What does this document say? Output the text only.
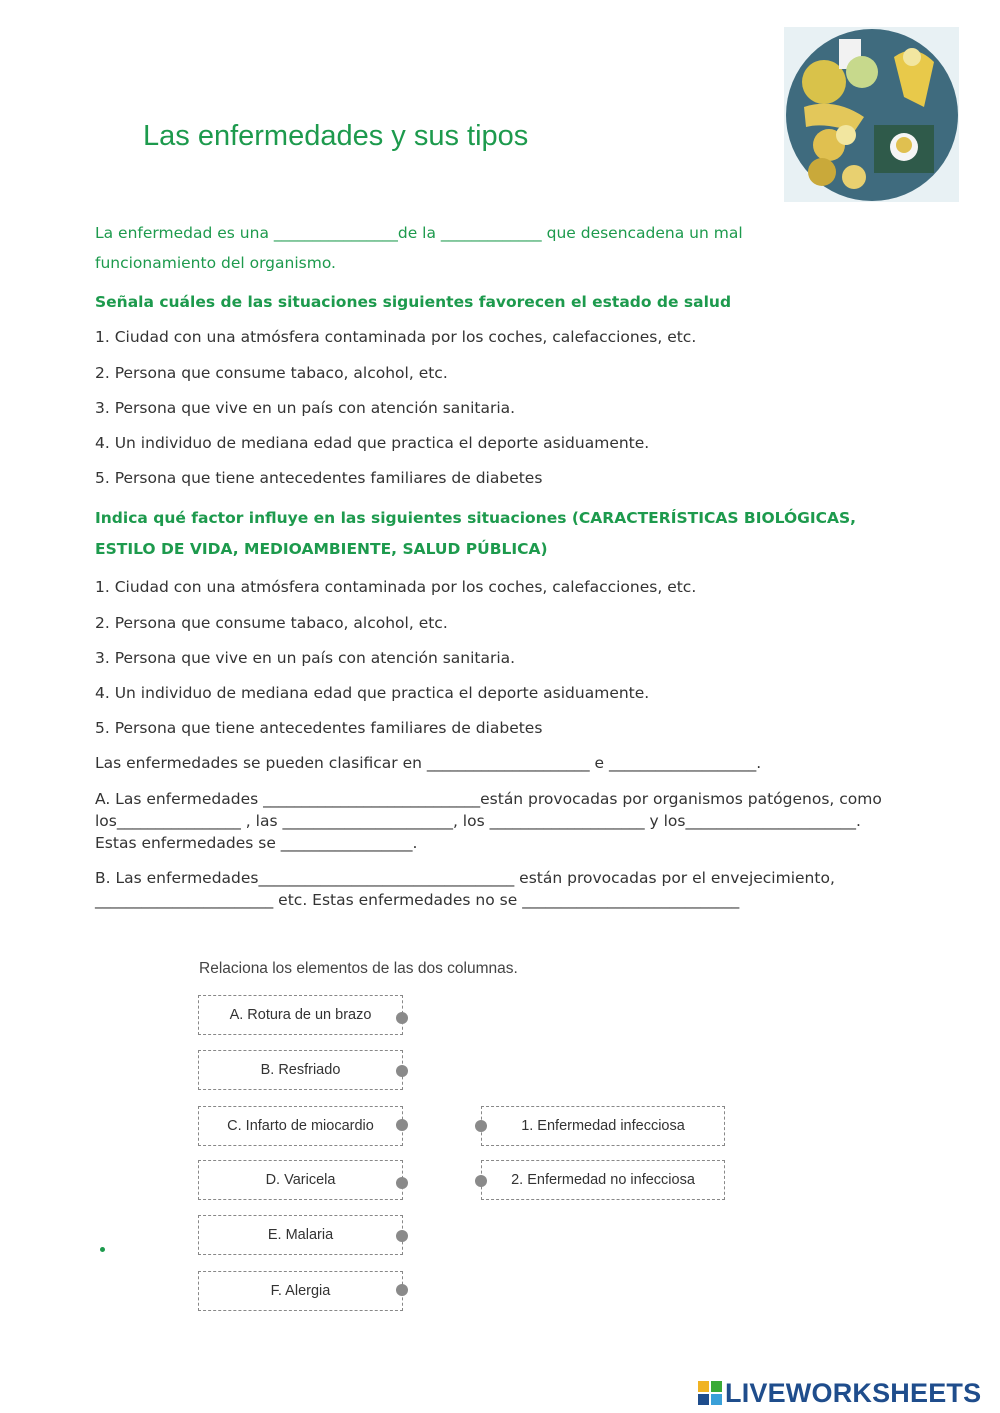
Las enfermedades y sus tipos
La enfermedad es una ________________de la _____________ que desencadena un mal funcionamiento del organismo.
Señala cuáles de las situaciones siguientes favorecen el estado de salud
1. Ciudad con una atmósfera contaminada por los coches, calefacciones, etc.
2. Persona que consume tabaco, alcohol, etc.
3. Persona que vive en un país con atención sanitaria.
4. Un individuo de mediana edad que practica el deporte asiduamente.
5. Persona que tiene antecedentes familiares de diabetes
Indica qué factor influye en las siguientes situaciones (CARACTERÍSTICAS BIOLÓGICAS, ESTILO DE VIDA, MEDIOAMBIENTE, SALUD PÚBLICA)
1. Ciudad con una atmósfera contaminada por los coches, calefacciones, etc.
2. Persona que consume tabaco, alcohol, etc.
3. Persona que vive en un país con atención sanitaria.
4. Un individuo de mediana edad que practica el deporte asiduamente.
5. Persona que tiene antecedentes familiares de diabetes
Las enfermedades se pueden clasificar en _____________________ e ___________________.
A. Las enfermedades ____________________________están provocadas por organismos patógenos, como los________________ , las ______________________, los ____________________ y los______________________. Estas enfermedades se _________________.
B. Las enfermedades_________________________________ están provocadas por el envejecimiento, _______________________ etc. Estas enfermedades no se ____________________________
Relaciona los elementos de las dos columnas.
A. Rotura de un brazo
B. Resfriado
C. Infarto de miocardio
D. Varicela
E. Malaria
F. Alergia
1. Enfermedad infecciosa
2. Enfermedad no infecciosa
LIVEWORKSHEETS
